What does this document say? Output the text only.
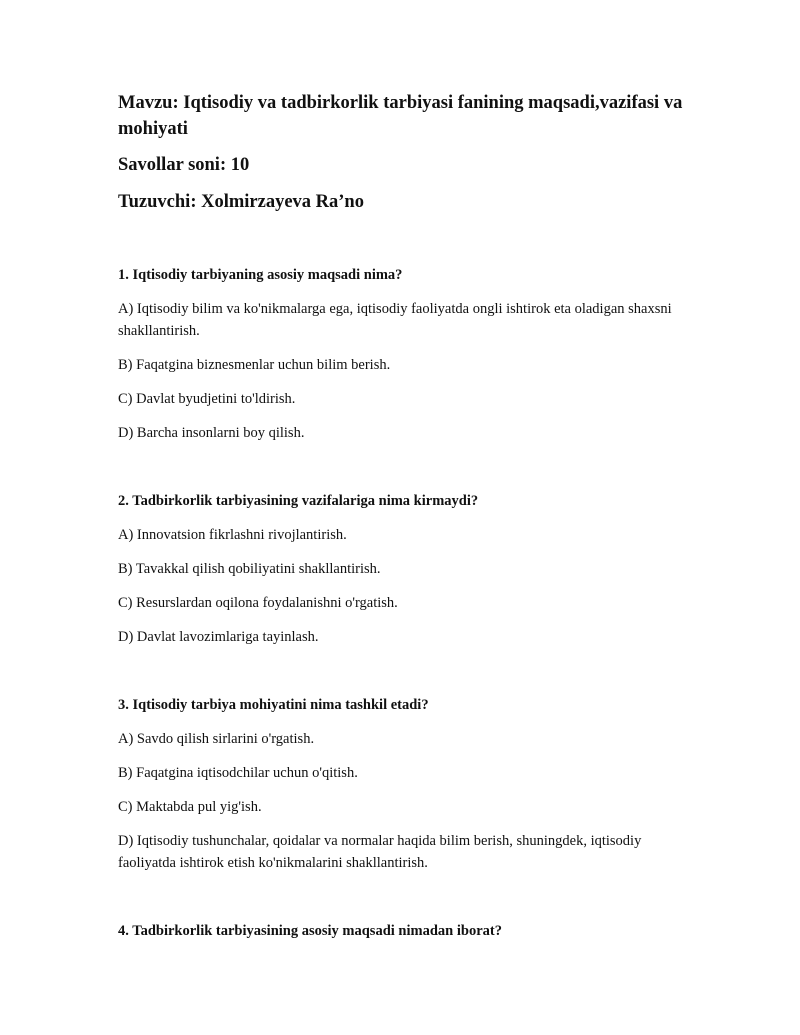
Mavzu: Iqtisodiy va tadbirkorlik tarbiyasi fanining maqsadi,vazifasi va mohiyati

Savollar soni: 10

Tuzuvchi: Xolmirzayeva Ra’no

1. Iqtisodiy tarbiyaning asosiy maqsadi nima?

A) Iqtisodiy bilim va ko'nikmalarga ega, iqtisodiy faoliyatda ongli ishtirok eta oladigan shaxsni shakllantirish.

B) Faqatgina biznesmenlar uchun bilim berish.

C) Davlat byudjetini to'ldirish.

D) Barcha insonlarni boy qilish.

2. Tadbirkorlik tarbiyasining vazifalariga nima kirmaydi?

A) Innovatsion fikrlashni rivojlantirish.

B) Tavakkal qilish qobiliyatini shakllantirish.

C) Resurslardan oqilona foydalanishni o'rgatish.

D) Davlat lavozimlariga tayinlash.

3. Iqtisodiy tarbiya mohiyatini nima tashkil etadi?

A) Savdo qilish sirlarini o'rgatish.

B) Faqatgina iqtisodchilar uchun o'qitish.

C) Maktabda pul yig'ish.

D) Iqtisodiy tushunchalar, qoidalar va normalar haqida bilim berish, shuningdek, iqtisodiy faoliyatda ishtirok etish ko'nikmalarini shakllantirish.

4. Tadbirkorlik tarbiyasining asosiy maqsadi nimadan iborat?
